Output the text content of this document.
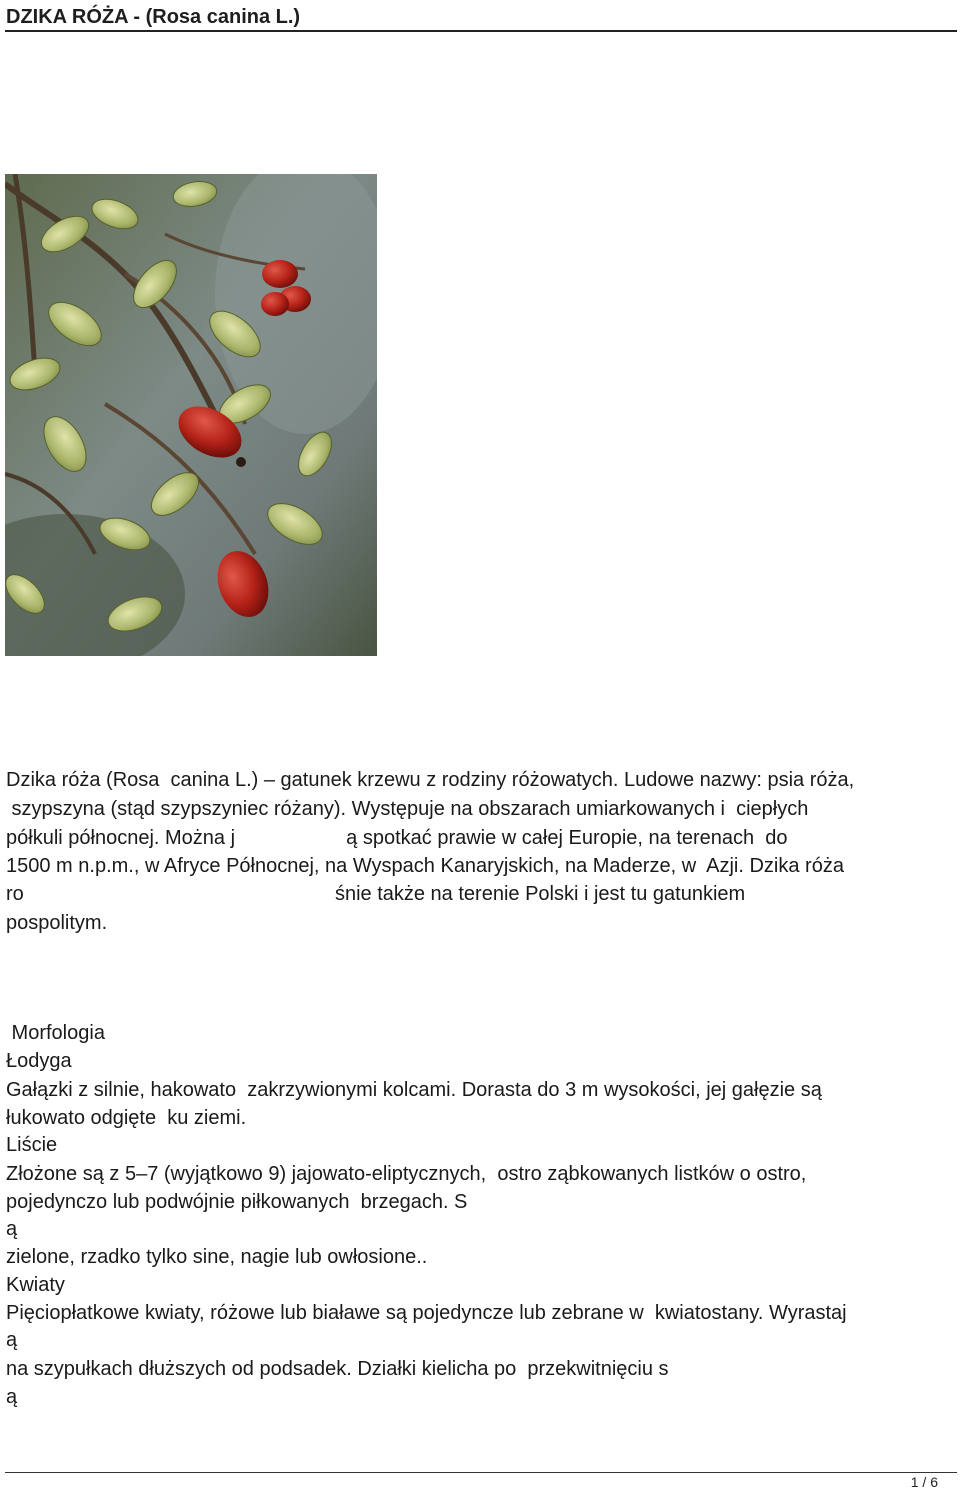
DZIKA RÓŻA - (Rosa canina L.)
Dzika róża (Rosa  canina L.) – gatunek krzewu z rodziny różowatych. Ludowe nazwy: psia róża,
szypszyna (stąd szypszyniec różany). Występuje na obszarach umiarkowanych i  ciepłych
półkuli północnej. Można j                    ą spotkać prawie w całej Europie, na terenach  do
1500 m n.p.m., w Afryce Północnej, na Wyspach Kanaryjskich, na Maderze, w  Azji. Dzika róża
ro                                                        śnie także na terenie Polski i jest tu gatunkiem
pospolitym.
Morfologia
Łodyga
Gałązki z silnie, hakowato  zakrzywionymi kolcami. Dorasta do 3 m wysokości, jej gałęzie są
łukowato odgięte  ku ziemi.
Liście
Złożone są z 5–7 (wyjątkowo 9) jajowato-eliptycznych,  ostro ząbkowanych listków o ostro,
pojedynczo lub podwójnie piłkowanych  brzegach. S
ą
zielone, rzadko tylko sine, nagie lub owłosione..
Kwiaty
Pięciopłatkowe kwiaty, różowe lub białawe są pojedyncze lub zebrane w  kwiatostany. Wyrastaj
ą
na szypułkach dłuższych od podsadek. Działki kielicha po  przekwitnięciu s
ą
1 / 6
